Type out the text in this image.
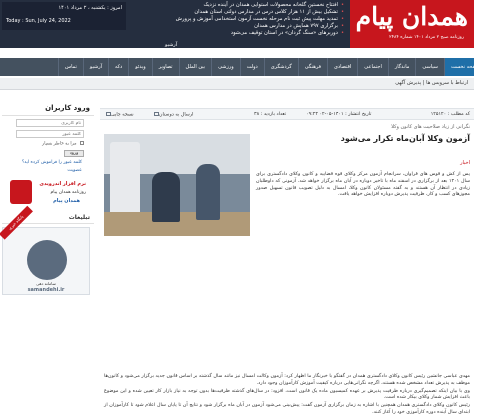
امروز : یکشنبه ، ۲ مرداد ۱۴۰۱
Today : Sun, July 24, 2022
• افتتاح نخستین گلخانه محصولات استوایی همدان در آینده نزدیک
• تشکیل بیش از ۱۱ هزار کلاس درس در مدارس دولتی استان همدان
• تمدید مهلت پیش ثبت نام مرحله نخست آزمون استخدامی آموزش و پرورش
• برگزاری ۷۹۷ همایش در مدارس همدان
• دوربرهای «سنگ گردان» در استان توقیف می‌شود
آرشیو
همدان پیام
روزنامه صبح ۲ مرداد ۱۴۰۱ شماره ۲۴۸۴
صفحه نخست
سیاسی
ماندگار
اجتماعی
اقتصادی
فرهنگی
گردشگری
دولت
ورزشی
بین الملل
تصاویر
ویدئو
دکه
آرشیو
تماس
ارتباط با سرویس ها | پذیرش آگهی
ورود کاربران
نام کاربری
مرا به خاطر بسپار
ورود
کلمه عبور را فراموش کرده اید؟
عضویت
نرم افزار اندرویدی
روزنامه همدان پیام
همدان پیام
تبلیغات
پایگاه خبری
سامانه دهی
samandehi.ir
نسخه چاپی	ارسال به دوستان	تعداد بازدید : ۳۸	تاریخ انتشار : ۱۴۰۱-۰۵-۰۲ ۰۹:۲۴	کد مطلب : ۱۲۵۱۲۰
نگرانی از زیاد صلاحیت های کانون وکلا
آزمون وکلا آبان‌ماه تکرار می‌شود
اخبار
پس از کش و قوس های فراوان، سرانجام آزمون مرکز وکلای قوه قضاییه و کانون وکلای دادگستری برای سال ۱۴۰۱ بعد از برگزاری در اسفند ماه با تاخیر دوباره در آبان ماه برگزار خواهد شد. آزمونی که داوطلبان زیادی در انتظار آن هستند و به گفته مسئولان کانون وکلا، امسال به دلیل تصویب قانون تسهیل صدور مجوزهای کسب و کار، ظرفیت پذیرش دوباره افزایش خواهد یافت.

مهدی عباسی جانشین رئیس کانون وکلای دادگستری همدان در گفتگو با خبرنگار ما اظهار کرد: آزمون وکالت امسال نیز مانند سال گذشته بر اساس قانون جدید برگزار می‌شود و کانون‌ها موظف به پذیرش تعداد مشخص شده هستند، اگرچه نگرانی‌هایی درباره کیفیت آموزش کارآموزان وجود دارد.

وی با بیان اینکه تصمیم‌گیری درباره ظرفیت پذیرش بر عهده کمیسیون ماده یک قانون است، افزود: در سال‌های گذشته ظرفیت‌ها بدون توجه به نیاز بازار کار تعیین شده و این موضوع باعث افزایش شمار وکلای بیکار شده است.

رئیس کانون وکلای دادگستری همدان همچنین با اشاره به زمان برگزاری آزمون گفت: پیش‌بینی می‌شود آزمون در آبان ماه برگزار شود و نتایج آن تا پایان سال اعلام شود تا کارآموزان از ابتدای سال آینده دوره کارآموزی خود را آغاز کنند.
